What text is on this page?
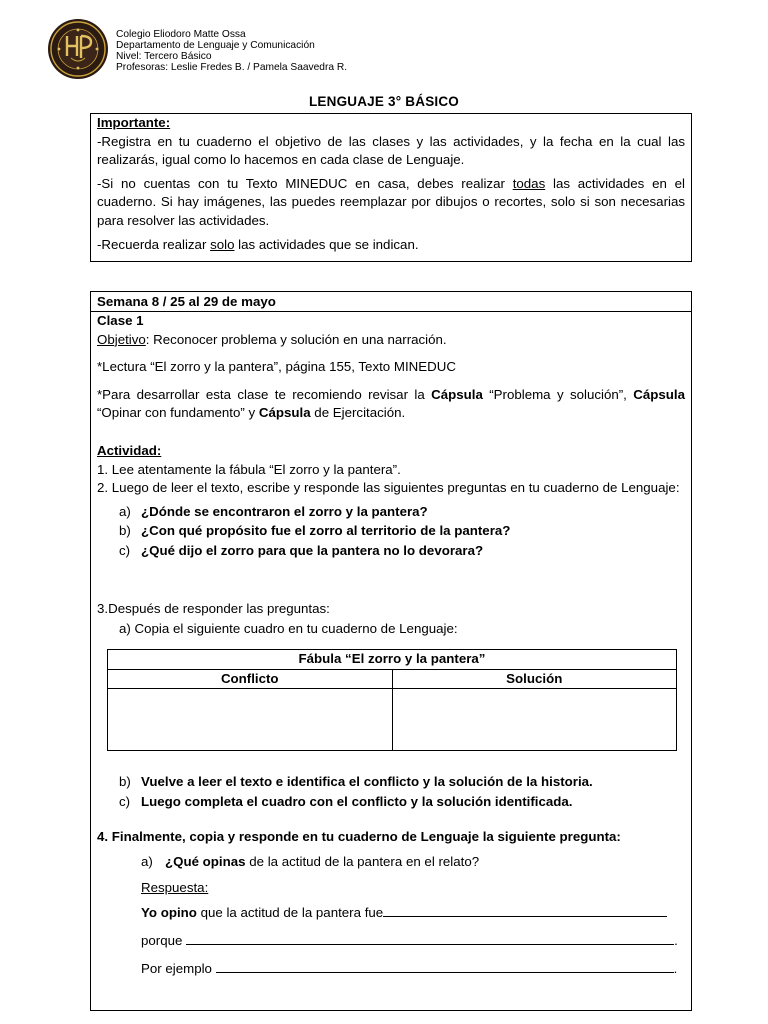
Colegio Eliodoro Matte Ossa
Departamento de Lenguaje y Comunicación
Nivel: Tercero Básico
Profesoras: Leslie Fredes B. / Pamela Saavedra R.
LENGUAJE 3° BÁSICO

Importante:

-Registra en tu cuaderno el objetivo de las clases y las actividades, y la fecha en la cual las realizarás, igual como lo hacemos en cada clase de Lenguaje.

-Si no cuentas con tu Texto MINEDUC en casa, debes realizar todas las actividades en el cuaderno. Si hay imágenes, las puedes reemplazar por dibujos o recortes, solo si son necesarias para resolver las actividades.

-Recuerda realizar solo las actividades que se indican.

Semana 8 / 25 al 29 de mayo

Clase 1

Objetivo: Reconocer problema y solución en una narración.

*Lectura “El zorro y la pantera”, página 155, Texto MINEDUC

*Para desarrollar esta clase te recomiendo revisar la Cápsula “Problema y solución”, Cápsula “Opinar con fundamento” y Cápsula de Ejercitación.

Actividad:

1. Lee atentamente la fábula “El zorro y la pantera”.

2. Luego de leer el texto, escribe y responde las siguientes preguntas en tu cuaderno de Lenguaje:

a) ¿Dónde se encontraron el zorro y la pantera?
b) ¿Con qué propósito fue el zorro al territorio de la pantera?
c) ¿Qué dijo el zorro para que la pantera no lo devorara?
3.Después de responder las preguntas:
a) Copia el siguiente cuadro en tu cuaderno de Lenguaje:
Fábula “El zorro y la pantera”	
Conflicto	Solución

b) Vuelve a leer el texto e identifica el conflicto y la solución de la historia.
c) Luego completa el cuadro con el conflicto y la solución identificada.
4. Finalmente, copia y responde en tu cuaderno de Lenguaje la siguiente pregunta:
a) ¿Qué opinas de la actitud de la pantera en el relato?
Respuesta:
Yo opino que la actitud de la pantera fue
porque	.
Por ejemplo	.
